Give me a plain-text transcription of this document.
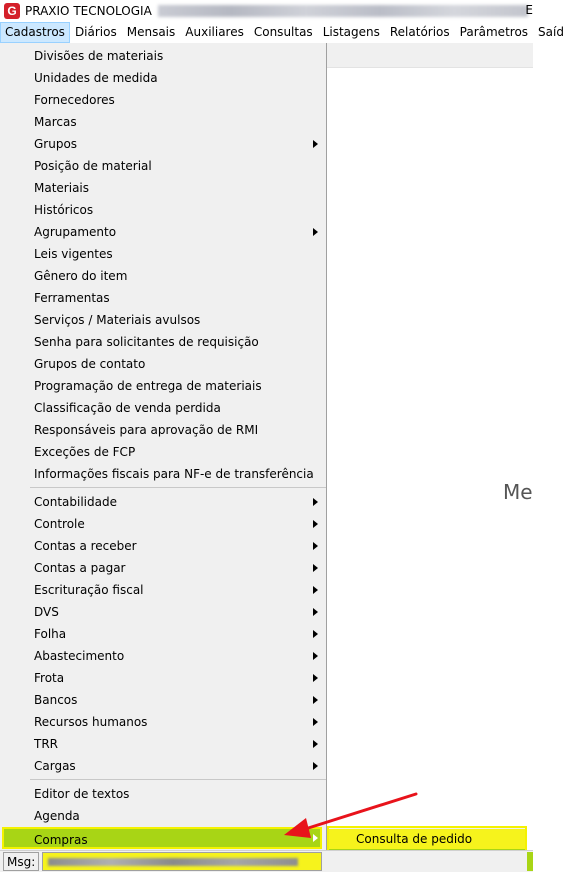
G PRAXIO TECNOLOGIA	E
Cadastros Diários Mensais Auxiliares Consultas Listagens Relatórios Parâmetros Saíd
Me
Divisões de materiais
Unidades de medida
Fornecedores
Marcas
Grupos
Posição de material
Materiais
Históricos
Agrupamento
Leis vigentes
Gênero do item
Ferramentas
Serviços / Materiais avulsos
Senha para solicitantes de requisição
Grupos de contato
Programação de entrega de materiais
Classificação de venda perdida
Responsáveis para aprovação de RMI
Exceções de FCP
Informações fiscais para NF-e de transferência
Contabilidade
Controle
Contas a receber
Contas a pagar
Escrituração fiscal
DVS
Folha
Abastecimento
Frota
Bancos
Recursos humanos
TRR
Cargas
Editor de textos
Agenda
Compras	Consulta de pedido
Msg:
